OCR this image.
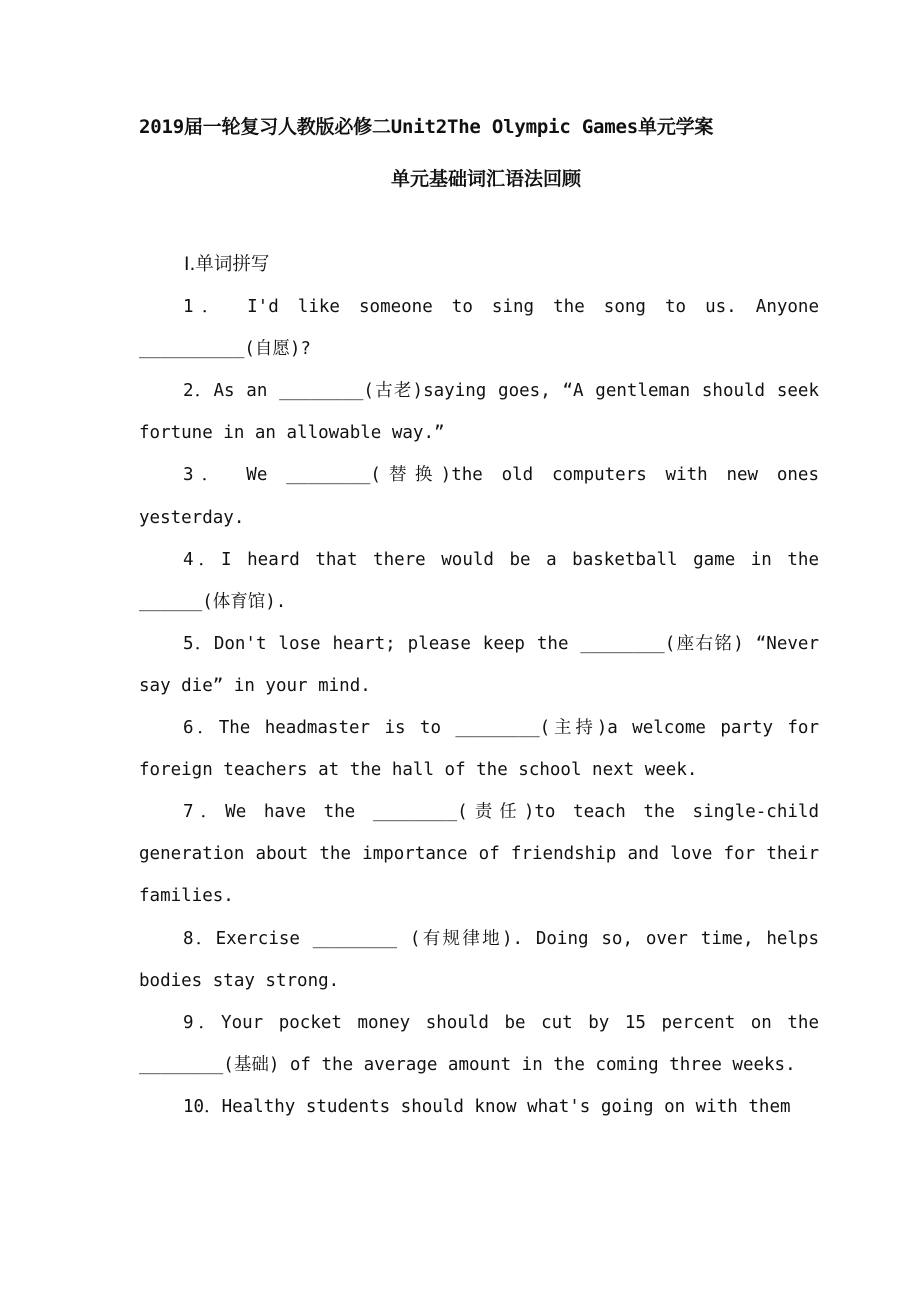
2019届一轮复习人教版必修二Unit2The Olympic Games单元学案
单元基础词汇语法回顾
Ⅰ.单词拼写

1． I'd like someone to sing the song to us. Anyone __________(自愿)?

2．As an ________(古老)saying goes, “A gentleman should seek fortune in an allowable way.”

3． We ________(替换)the old computers with new ones yesterday.

4．I heard that there would be a basketball game in the ______(体育馆).

5．Don't lose heart; please keep the ________(座右铭) “Never say die” in your mind.

6．The headmaster is to ________(主持)a welcome party for foreign teachers at the hall of the school next week.

7．We have the ________(责任)to teach the single-child generation about the importance of friendship and love for their families.

8．Exercise ________ (有规律地). Doing so, over time, helps bodies stay strong.

9．Your pocket money should be cut by 15 percent on the ________(基础) of the average amount in the coming three weeks.

10．Healthy students should know what's going on with them
